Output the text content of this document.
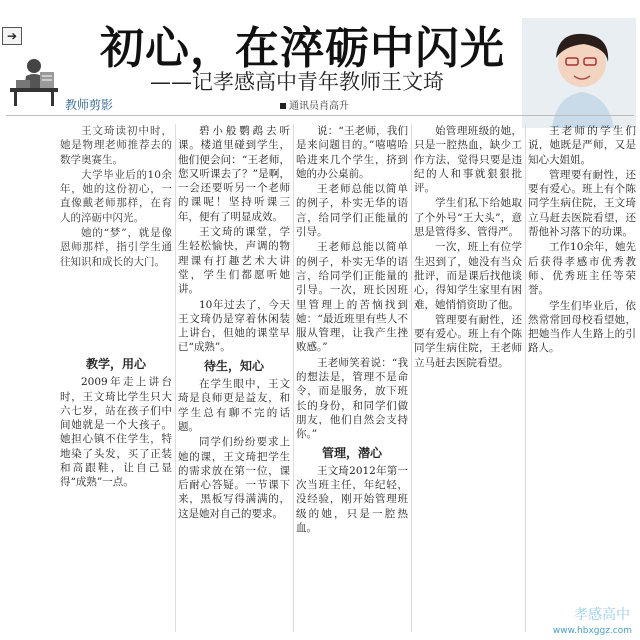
➔
教师剪影
初心，在淬砺中闪光
——记孝感高中青年教师王文琦
通讯员肖高升

王文琦读初中时，她是物理老师推荐去的数学奥赛生。

大学毕业后的10余年，她的这份初心，一直像戴老师那样，在育人的淬砺中闪光。

她的“梦”，就是像恩师那样，指引学生通往知识和成长的大门。

教学，用心

2009年走上讲台时，王文琦比学生只大六七岁，站在孩子们中间她就是一个大孩子。她担心镇不住学生，特地染了头发，买了正装和高跟鞋，让自己显得“成熟”一点。

碧小般鹦鹉去听课。楼道里碰到学生，他们便会问：“王老师，您又听课去了？”是啊，一会还要听另一个老师的课呢！坚持听课三年，便有了明显成效。

王文琦的课堂，学生轻松愉快，声调的物理课有打趣艺术大讲堂，学生们都愿听她讲。

10年过去了，今天王文琦仍是穿着休闲装上讲台，但她的课堂早已“成熟”。

待生，知心

在学生眼中，王文琦是良师更是益友，和学生总有聊不完的话题。

同学们纷纷要求上她的课，王文琦把学生的需求放在第一位，课后耐心答疑。一节课下来，黑板写得满满的，这是她对自己的要求。

说：“王老师，我们是来问题目的。”嘻嘻哈哈进来几个学生，挤到她的办公桌前。

王老师总能以简单的例子，朴实无华的语言，给同学们正能量的引导。

王老师总能以简单的例子，朴实无华的语言，给同学们正能量的引导。一次，班长因班里管理上的苦恼找到她：“最近班里有些人不服从管理，让我产生挫败感。”

王老师笑着说：“我的想法是，管理不是命令，而是服务，放下班长的身份，和同学们做朋友，他们自然会支持你。”

管理，潜心

王文琦2012年第一次当班主任，年纪轻，没经验，刚开始管理班级的她，只是一腔热血。

始管理班级的她，只是一腔热血，缺少工作方法，觉得只要是违纪的人和事就狠狠批评。

学生们私下给她取了个外号“王大头”，意思是管得多、管得严。

一次，班上有位学生迟到了，她没有当众批评，而是课后找他谈心，得知学生家里有困难，她悄悄资助了他。

管理要有耐性，还要有爱心。班上有个陈同学生病住院，王老师立马赶去医院看望。

王老师的学生们说，她既是严师，又是知心大姐姐。

管理要有耐性，还要有爱心。班上有个陈同学生病住院，王文琦立马赶去医院看望，还帮他补习落下的功课。

工作10余年，她先后获得孝感市优秀教师、优秀班主任等荣誉。

学生们毕业后，依然常常回母校看望她，把她当作人生路上的引路人。

孝感高中
www.hbxggz.com
